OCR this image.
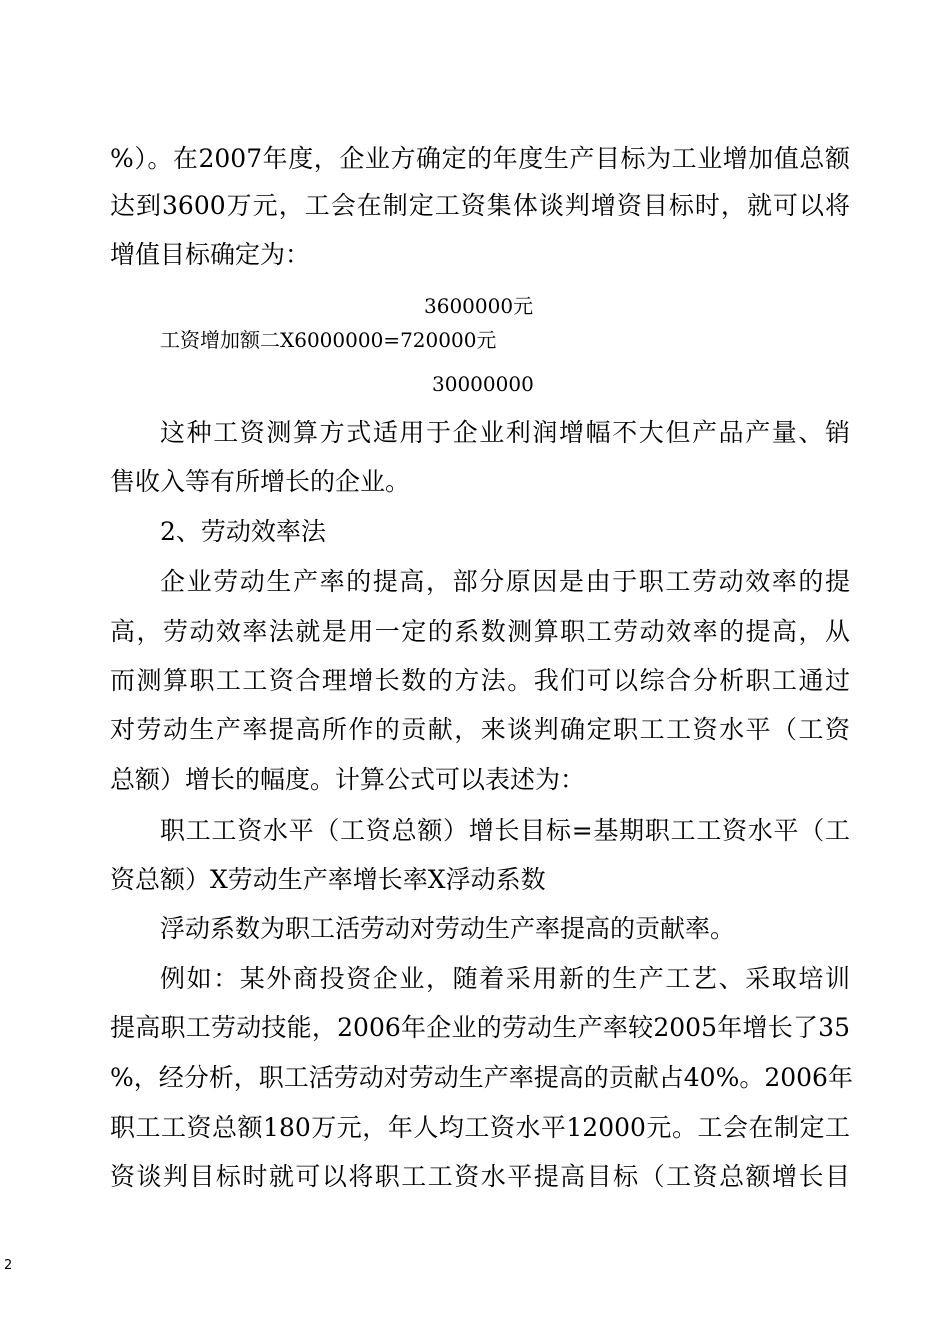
%）。在2007年度，企业方确定的年度生产目标为工业增加值总额
达到3600万元，工会在制定工资集体谈判增资目标时，就可以将
增值目标确定为：
3600000元
工资增加额二X6000000=720000元
30000000
这种工资测算方式适用于企业利润增幅不大但产品产量、销
售收入等有所增长的企业。
2、劳动效率法
企业劳动生产率的提高，部分原因是由于职工劳动效率的提
高，劳动效率法就是用一定的系数测算职工劳动效率的提高，从
而测算职工工资合理增长数的方法。我们可以综合分析职工通过
对劳动生产率提高所作的贡献，来谈判确定职工工资水平（工资
总额）增长的幅度。计算公式可以表述为：
职工工资水平（工资总额）增长目标=基期职工工资水平（工
资总额）X劳动生产率增长率X浮动系数
浮动系数为职工活劳动对劳动生产率提高的贡献率。
例如：某外商投资企业，随着采用新的生产工艺、采取培训
提高职工劳动技能，2006年企业的劳动生产率较2005年增长了35
%，经分析，职工活劳动对劳动生产率提高的贡献占40%。2006年
职工工资总额180万元，年人均工资水平12000元。工会在制定工
资谈判目标时就可以将职工工资水平提高目标（工资总额增长目
2
